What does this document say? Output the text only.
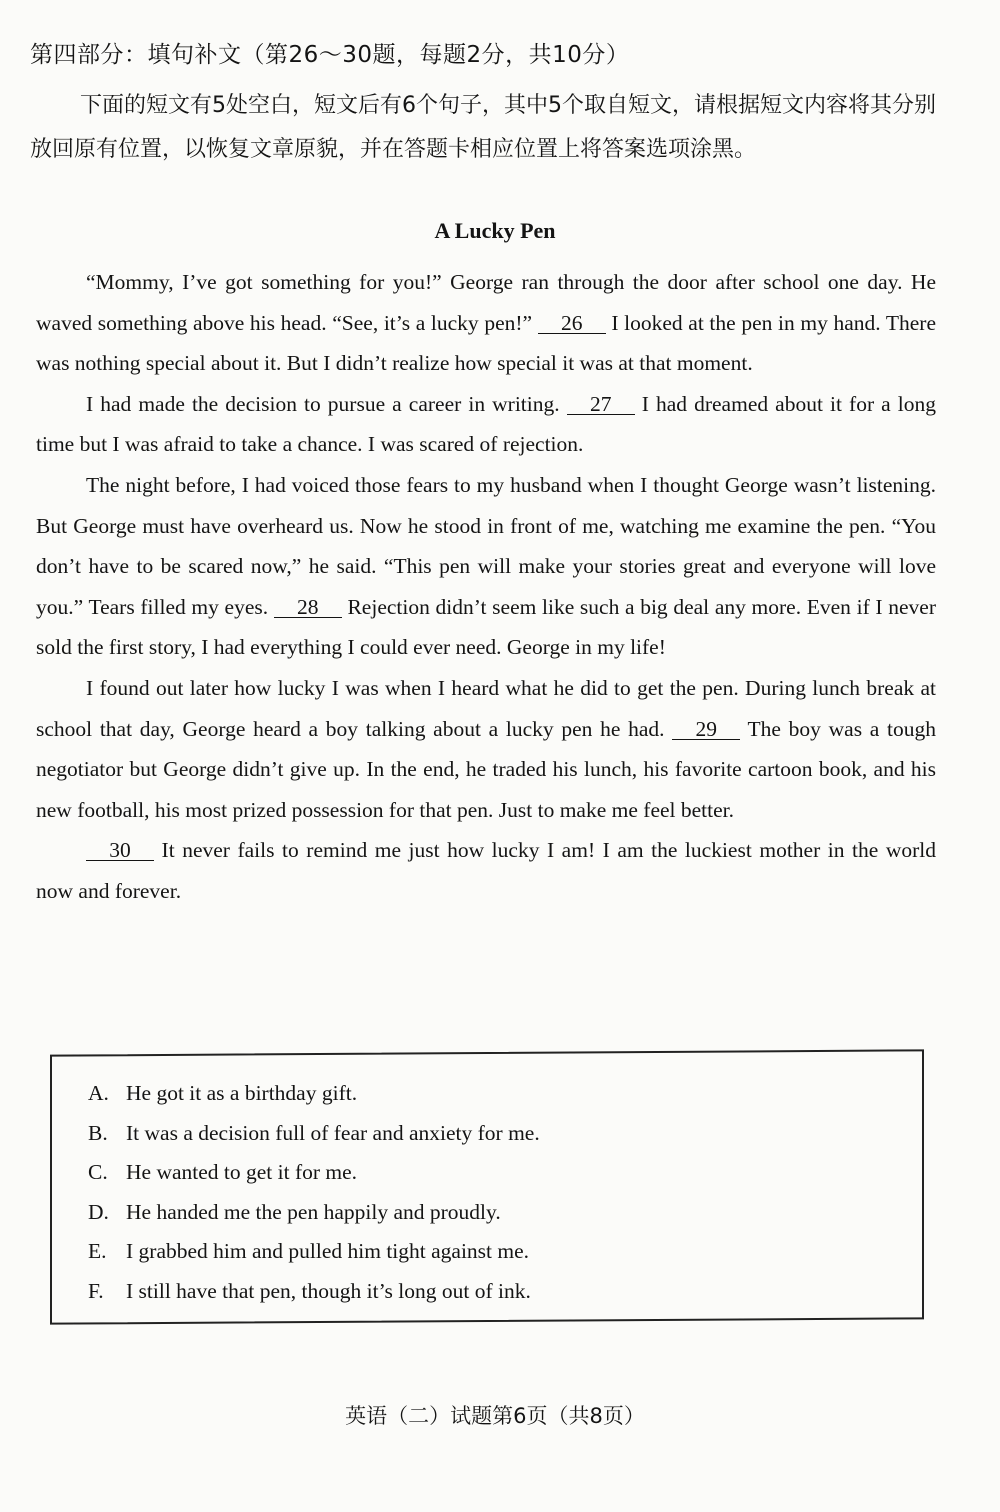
第四部分：填句补文（第26～30题，每题2分，共10分）
下面的短文有5处空白，短文后有6个句子，其中5个取自短文，请根据短文内容将其分别放回原有位置，以恢复文章原貌，并在答题卡相应位置上将答案选项涂黑。
A Lucky Pen

“Mommy, I’ve got something for you!” George ran through the door after school one day. He waved something above his head. “See, it’s a lucky pen!” 26 I looked at the pen in my hand. There was nothing special about it. But I didn’t realize how special it was at that moment.

I had made the decision to pursue a career in writing. 27 I had dreamed about it for a long time but I was afraid to take a chance. I was scared of rejection.

The night before, I had voiced those fears to my husband when I thought George wasn’t listening. But George must have overheard us. Now he stood in front of me, watching me examine the pen. “You don’t have to be scared now,” he said. “This pen will make your stories great and everyone will love you.” Tears filled my eyes. 28 Rejection didn’t seem like such a big deal any more. Even if I never sold the first story, I had everything I could ever need. George in my life!

I found out later how lucky I was when I heard what he did to get the pen. During lunch break at school that day, George heard a boy talking about a lucky pen he had. 29 The boy was a tough negotiator but George didn’t give up. In the end, he traded his lunch, his favorite cartoon book, and his new football, his most prized possession for that pen. Just to make me feel better.

30 It never fails to remind me just how lucky I am! I am the luckiest mother in the world now and forever.

A. He got it as a birthday gift.
B. It was a decision full of fear and anxiety for me.
C. He wanted to get it for me.
D. He handed me the pen happily and proudly.
E. I grabbed him and pulled him tight against me.
F.	I still have that pen, though it’s long out of ink.
英语（二）试题第6页（共8页）
